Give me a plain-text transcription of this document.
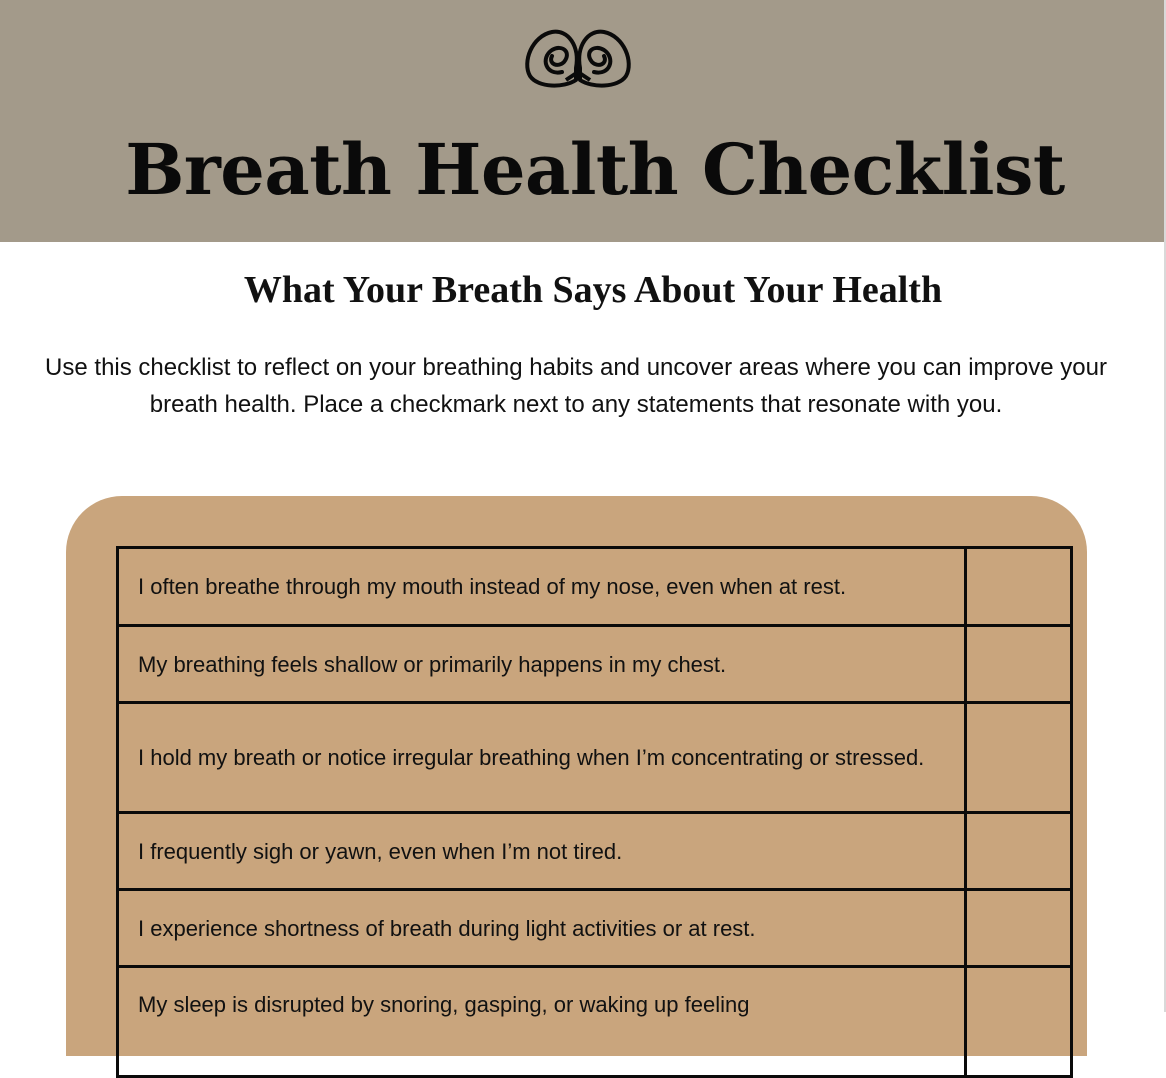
Breath Health Checklist
What Your Breath Says About Your Health

Use this checklist to reflect on your breathing habits and uncover areas where you can improve your breath health. Place a checkmark next to any statements that resonate with you.

I often breathe through my mouth instead of my nose, even when at rest.	
My breathing feels shallow or primarily happens in my chest.	
I hold my breath or notice irregular breathing when I’m concentrating or stressed.	
I frequently sigh or yawn, even when I’m not tired.	
I experience shortness of breath during light activities or at rest.	
My sleep is disrupted by snoring, gasping, or waking up feeling	
